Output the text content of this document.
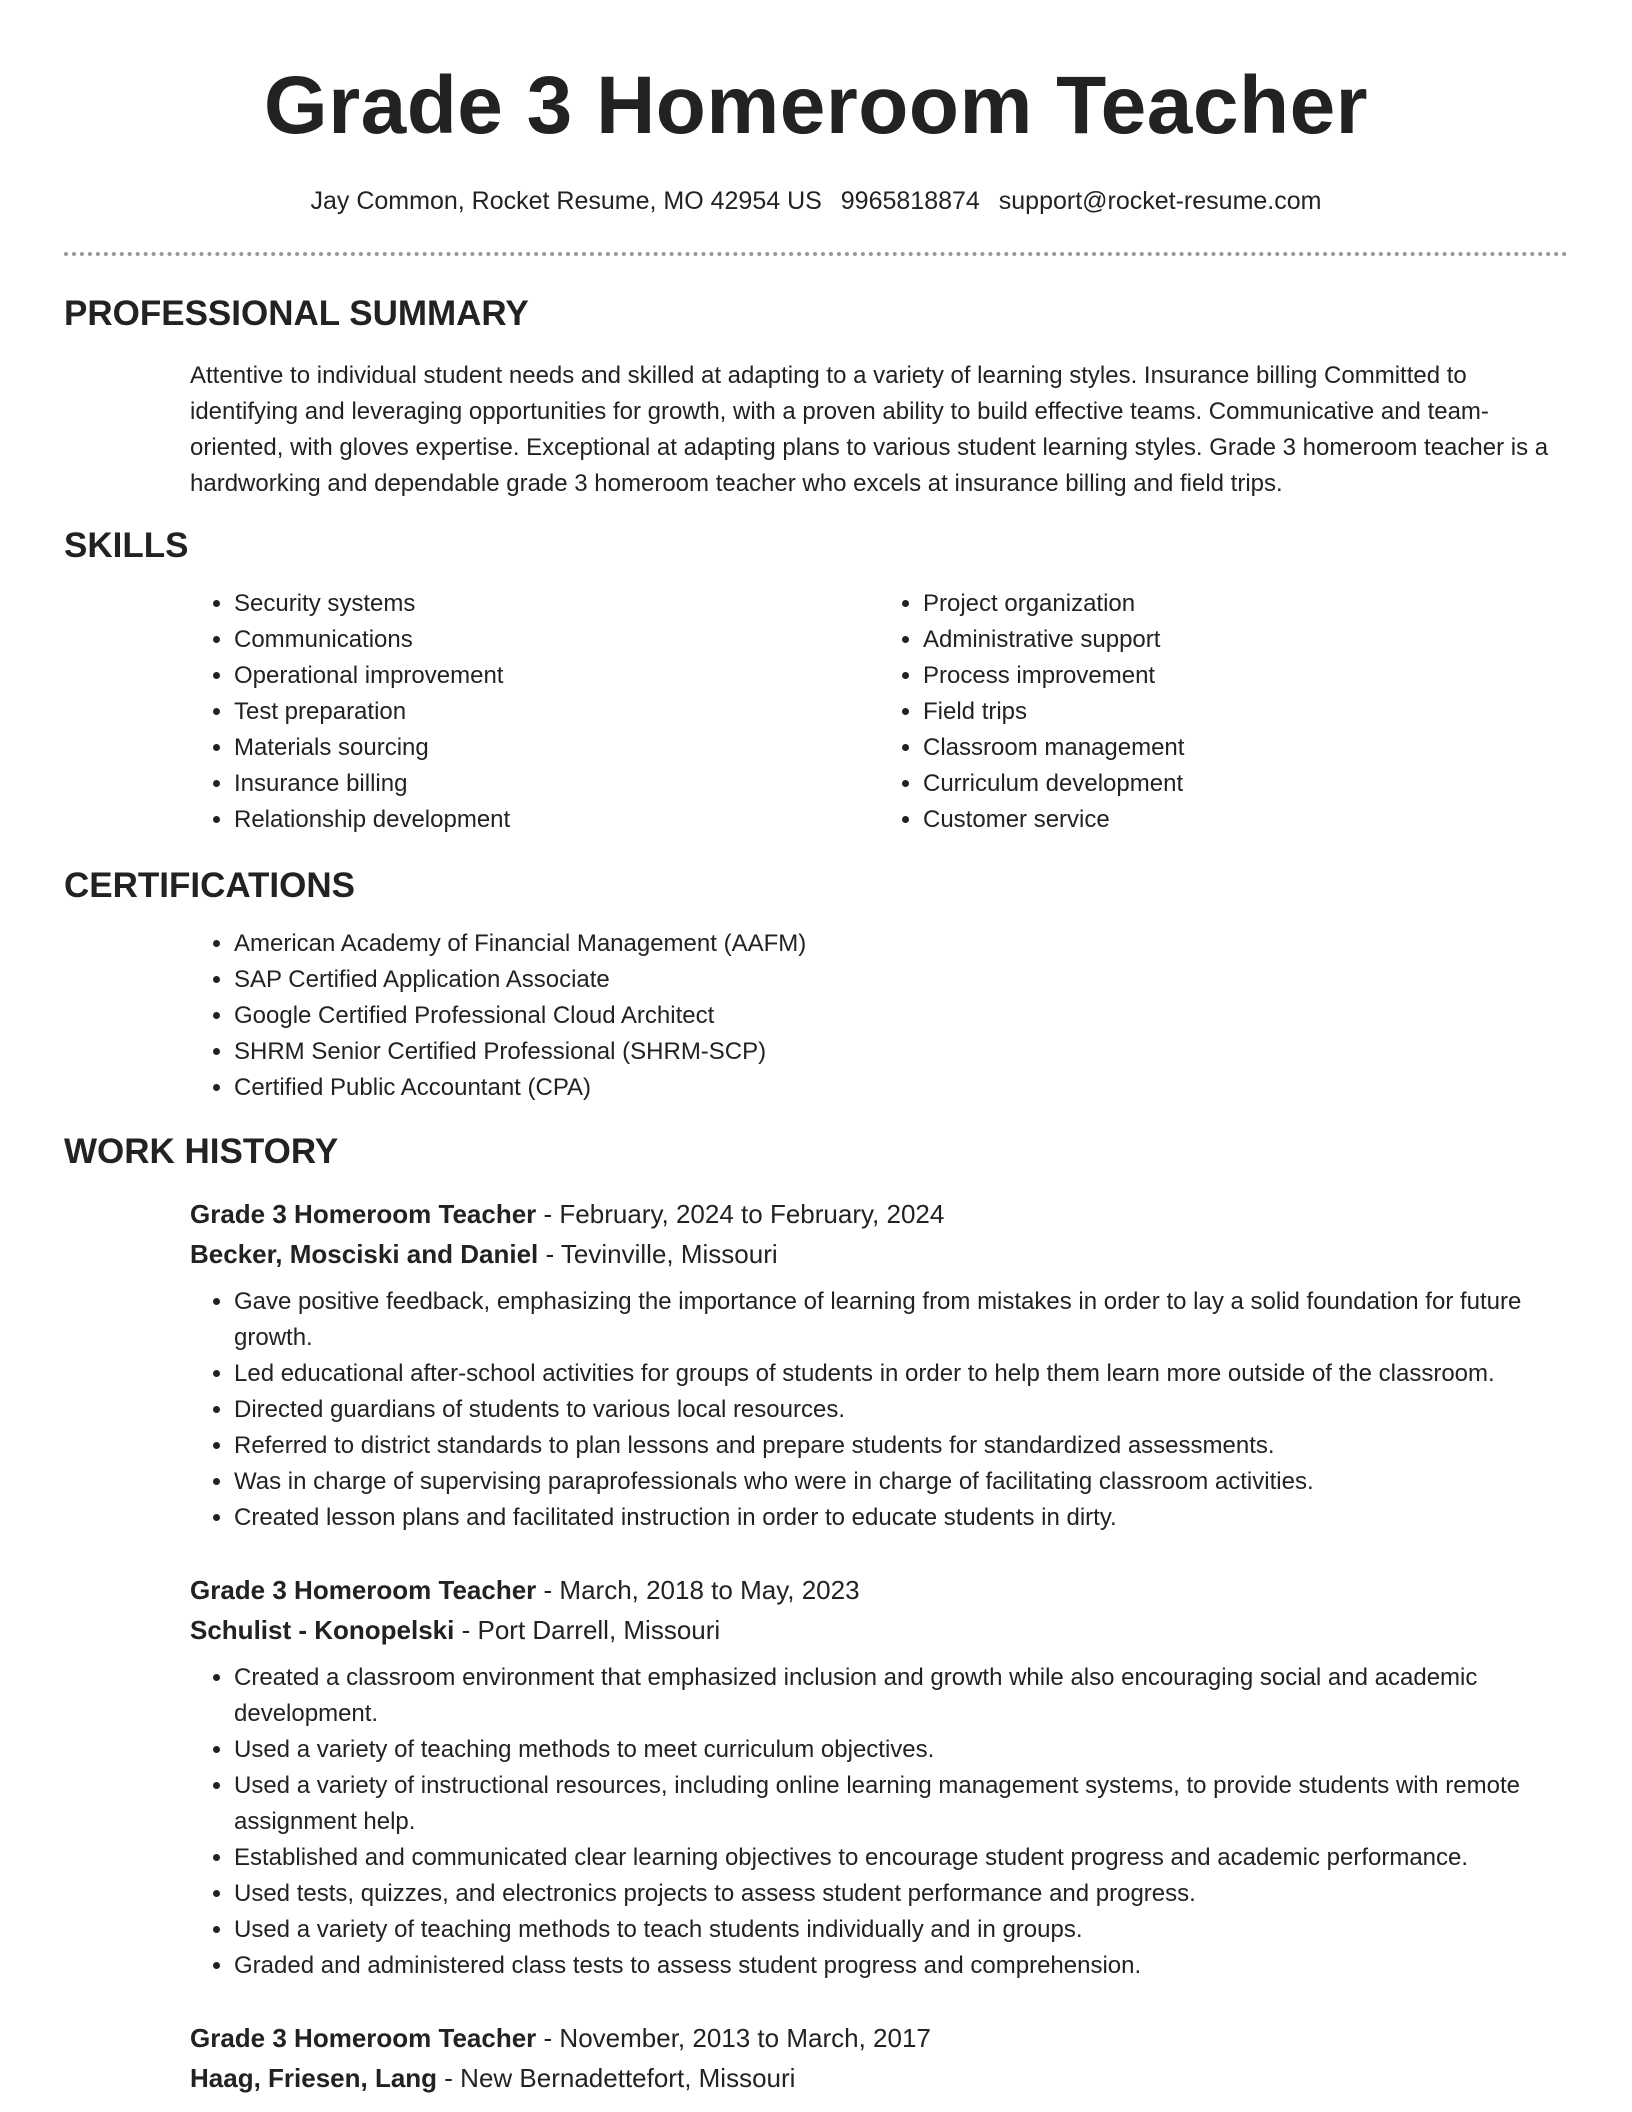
Grade 3 Homeroom Teacher
Jay Common, Rocket Resume, MO 42954 US 9965818874 support@rocket-resume.com
PROFESSIONAL SUMMARY

Attentive to individual student needs and skilled at adapting to a variety of learning styles. Insurance billing Committed to identifying and leveraging opportunities for growth, with a proven ability to build effective teams. Communicative and team-oriented, with gloves expertise. Exceptional at adapting plans to various student learning styles. Grade 3 homeroom teacher is a hardworking and dependable grade 3 homeroom teacher who excels at insurance billing and field trips.

SKILLS
• Security systems
• Communications
• Operational improvement
• Test preparation
• Materials sourcing
• Insurance billing
• Relationship development
• Project organization
• Administrative support
• Process improvement
• Field trips
• Classroom management
• Curriculum development
• Customer service
CERTIFICATIONS
• American Academy of Financial Management (AAFM)
• SAP Certified Application Associate
• Google Certified Professional Cloud Architect
• SHRM Senior Certified Professional (SHRM-SCP)
• Certified Public Accountant (CPA)
WORK HISTORY
Grade 3 Homeroom Teacher - February, 2024 to February, 2024
Becker, Mosciski and Daniel - Tevinville, Missouri
• Gave positive feedback, emphasizing the importance of learning from mistakes in order to lay a solid foundation for future growth.
• Led educational after-school activities for groups of students in order to help them learn more outside of the classroom.
• Directed guardians of students to various local resources.
• Referred to district standards to plan lessons and prepare students for standardized assessments.
• Was in charge of supervising paraprofessionals who were in charge of facilitating classroom activities.
• Created lesson plans and facilitated instruction in order to educate students in dirty.
Grade 3 Homeroom Teacher - March, 2018 to May, 2023
Schulist - Konopelski - Port Darrell, Missouri
• Created a classroom environment that emphasized inclusion and growth while also encouraging social and academic development.
• Used a variety of teaching methods to meet curriculum objectives.
• Used a variety of instructional resources, including online learning management systems, to provide students with remote assignment help.
• Established and communicated clear learning objectives to encourage student progress and academic performance.
• Used tests, quizzes, and electronics projects to assess student performance and progress.
• Used a variety of teaching methods to teach students individually and in groups.
• Graded and administered class tests to assess student progress and comprehension.
Grade 3 Homeroom Teacher - November, 2013 to March, 2017
Haag, Friesen, Lang - New Bernadettefort, Missouri
